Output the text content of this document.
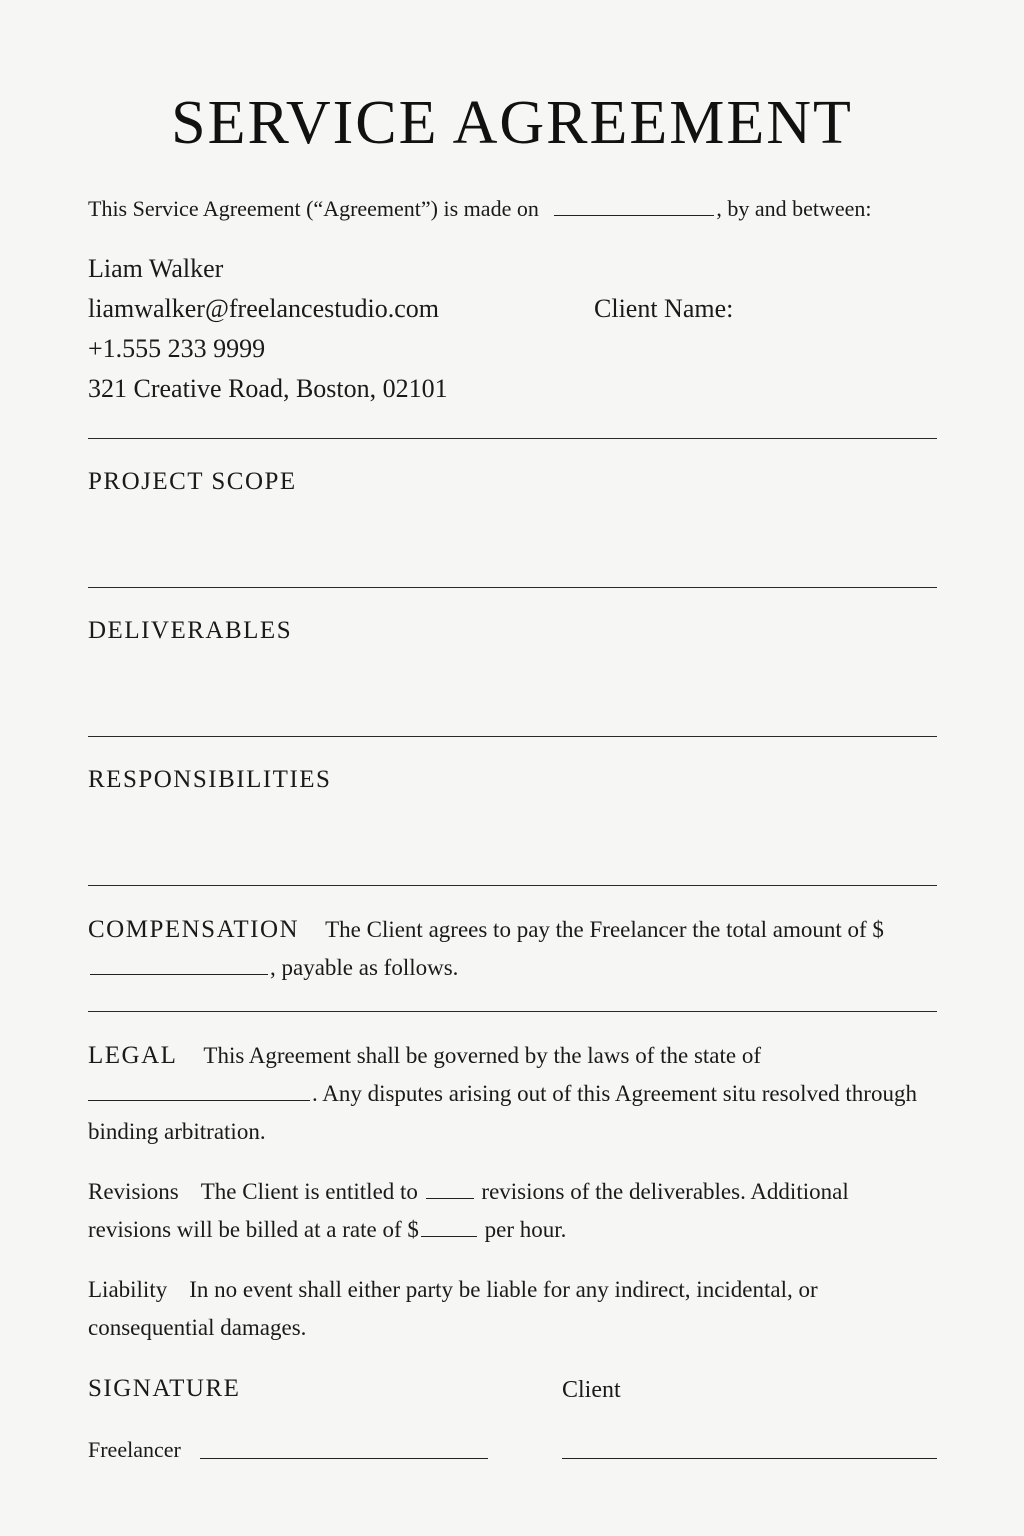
SERVICE AGREEMENT
This Service Agreement (“Agreement”) is made on	, by and between:
Liam Walker
liamwalker@freelancestudio.com
+1.555 233 9999
321 Creative Road, Boston, 02101
Client Name:
PROJECT SCOPE
DELIVERABLES
RESPONSIBILITIES
COMPENSATION The Client agrees to pay the Freelancer the total amount of $, payable as follows.
LEGAL This Agreement shall be governed by the laws of the state of
. Any disputes arising out of this Agreement situ resolved through binding arbitration.
Revisions The Client is entitled to	revisions of the deliverables. Additional revisions will be billed at a rate of $	per hour.
Liability In no event shall either party be liable for any indirect, incidental, or consequential damages.
SIGNATURE	Client
Freelancer
